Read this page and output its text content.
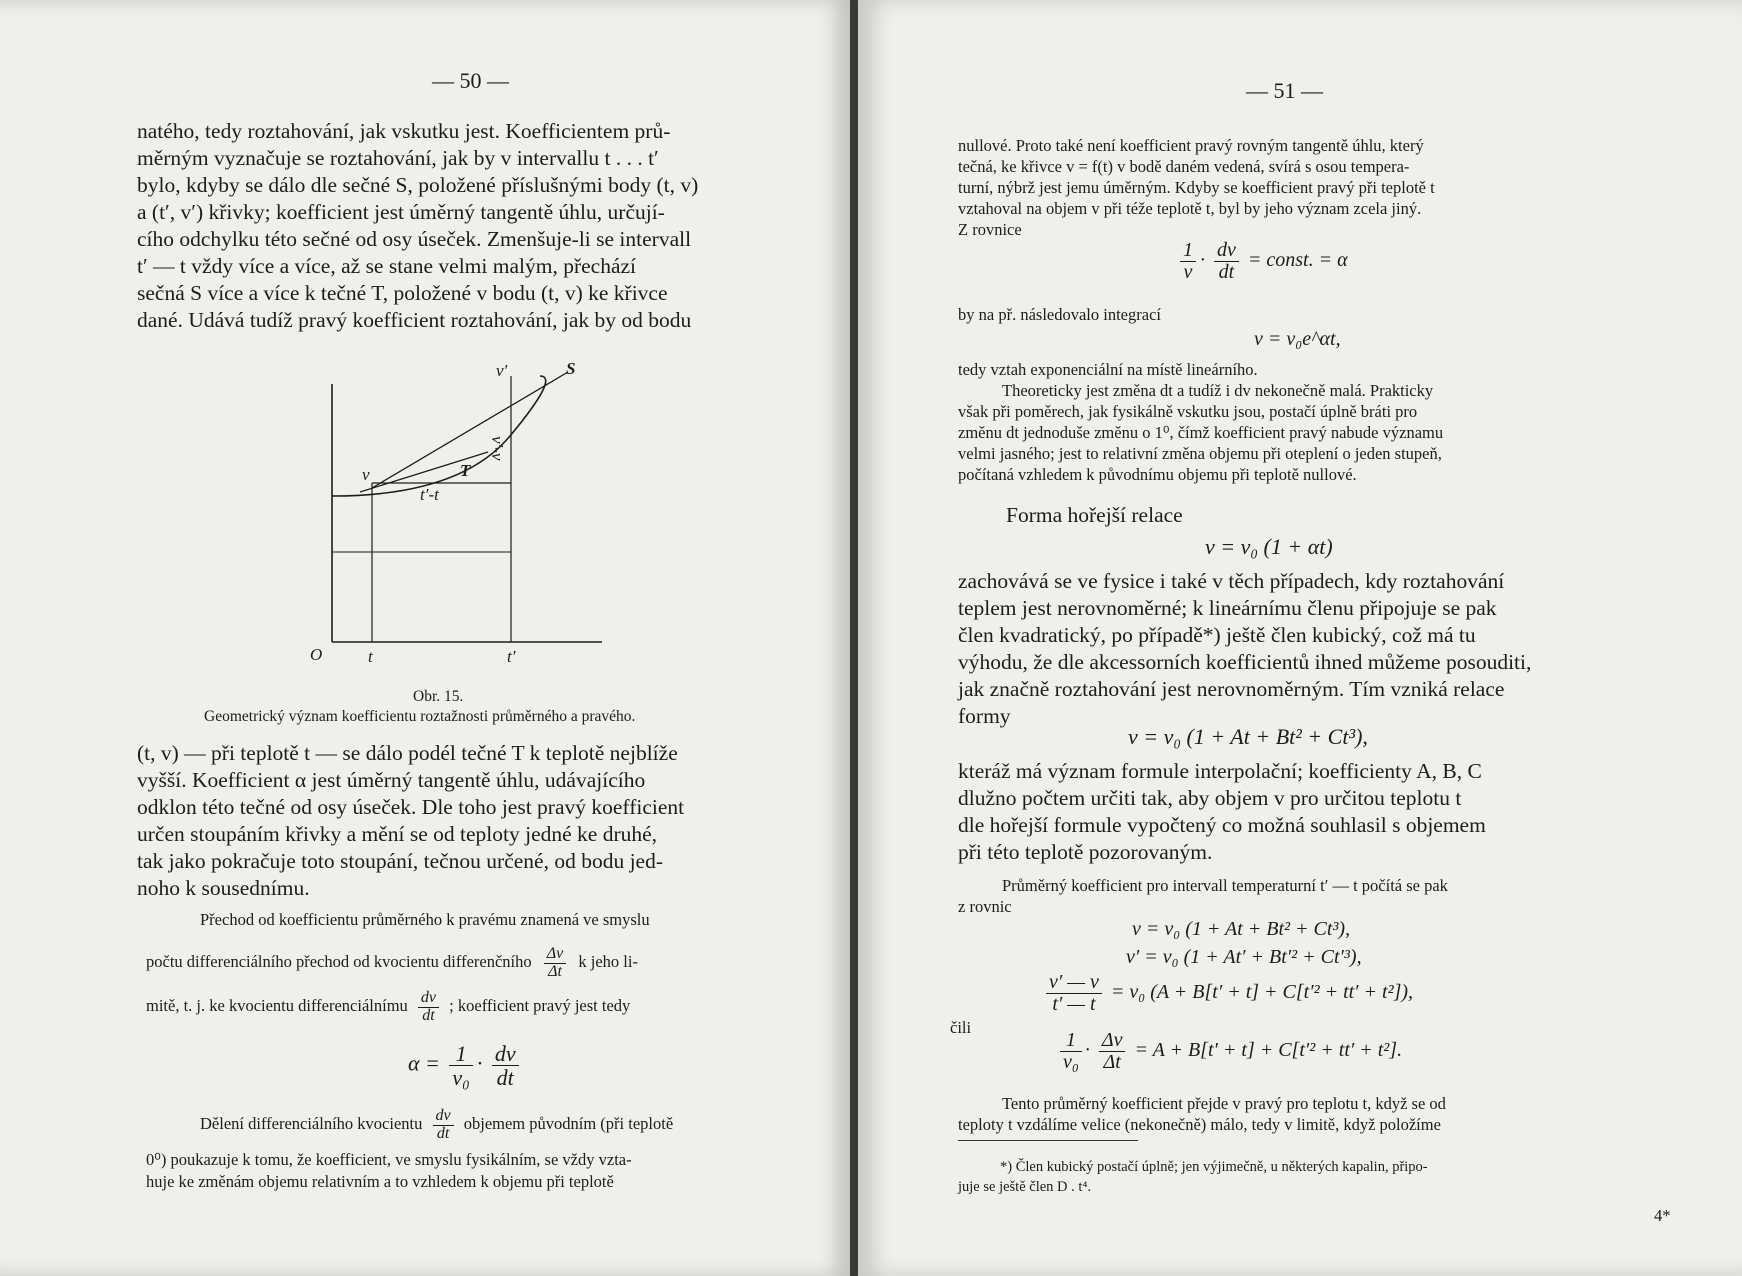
— 50 —
natého, tedy roztahování, jak vskutku jest. Koefficientem prů-
měrným vyznačuje se roztahování, jak by v intervallu t . . . t′
bylo, kdyby se dálo dle sečné S, položené příslušnými body (t, v)
a (t′, v′) křivky; koefficient jest úměrný tangentě úhlu, určují-
cího odchylku této sečné od osy úseček. Zmenšuje-li se intervall
t′ — t vždy více a více, až se stane velmi malým, přechází
sečná S více a více k tečné T, položené v bodu (t, v) ke křivce
dané. Udává tudíž pravý koefficient roztahování, jak by od bodu
S
v′
T
v
t′-t
v′-v
O	t	t′
Obr. 15.
Geometrický význam koefficientu roztažnosti průměrného a pravého.
(t, v) — při teplotě t — se dálo podél tečné T k teplotě nejblíže
vyšší. Koefficient α jest úměrný tangentě úhlu, udávajícího
odklon této tečné od osy úseček. Dle toho jest pravý koefficient
určen stoupáním křivky a mění se od teploty jedné ke druhé,
tak jako pokračuje toto stoupání, tečnou určené, od bodu jed-
noho k sousednímu.
Přechod od koefficientu průměrného k pravému znamená ve smyslu
počtu differenciálního přechod od kvocientu differenčního $\frac{\Delta v}{\Delta t}$ k jeho li-
mitě, t. j. ke kvocientu differenciálnímu $\frac{dv}{dt}$ ; koefficient pravý jest tedy
$\alpha = \frac{1}{\text{v₀}} \cdot \frac{dv}{dt}$
Dělení differenciálního kvocientu $\frac{dv}{dt}$ objemem původním (při teplotě
0⁰) poukazuje k tomu, že koefficient, ve smyslu fysikálním, se vždy vzta-
huje ke změnám objemu relativním a to vzhledem k objemu při teplotě
— 51 —
nullové. Proto také není koefficient pravý rovným tangentě úhlu, který
tečná, ke křivce v = f(t) v bodě daném vedená, svírá s osou tempera-
turní, nýbrž jest jemu úměrným. Kdyby se koefficient pravý při teplotě t
vztahoval na objem v při téže teplotě t, byl by jeho význam zcela jiný.
Z rovnice
$\frac{1}{v} \cdot \frac{dv}{dt}$ = const. = α
by na př. následovalo integrací
v = v₀e^αt,
tedy vztah exponenciální na místě lineárního.
Theoreticky jest změna dt a tudíž i dv nekonečně malá. Prakticky
však při poměrech, jak fysikálně vskutku jsou, postačí úplně bráti pro
změnu dt jednoduše změnu o 1⁰, čímž koefficient pravý nabude významu
velmi jasného; jest to relativní změna objemu při oteplení o jeden stupeň,
počítaná vzhledem k původnímu objemu při teplotě nullové.
Forma hořejší relace
v = v₀ (1 + αt)
zachovává se ve fysice i také v těch případech, kdy roztahování
teplem jest nerovnoměrné; k lineárnímu členu připojuje se pak
člen kvadratický, po případě*) ještě člen kubický, což má tu
výhodu, že dle akcessorních koefficientů ihned můžeme posouditi,
jak značně roztahování jest nerovnoměrným. Tím vzniká relace
formy
v = v₀ (1 + At + Bt² + Ct³),
kteráž má význam formule interpolační; koefficienty A, B, C
dlužno počtem určiti tak, aby objem v pro určitou teplotu t
dle hořejší formule vypočtený co možná souhlasil s objemem
při této teplotě pozorovaným.
Průměrný koefficient pro intervall temperaturní t′ — t počítá se pak
z rovnic
v = v₀ (1 + At + Bt² + Ct³),
v′ = v₀ (1 + At′ + Bt′² + Ct′³),
$\frac{v' — v}{t' — t} = v_0$ (A + B[t′ + t] + C[t′² + tt′ + t²]),
čili
$\frac{1}{\text{v₀}} \cdot \frac{\Delta v}{\Delta t} = A + B[t' + t] + C[t'^2 + tt' + t^2]$.
Tento průměrný koefficient přejde v pravý pro teplotu t, když se od
teploty t vzdálíme velice (nekonečně) málo, tedy v limitě, když položíme
*) Člen kubický postačí úplně; jen výjimečně, u některých kapalin, připo-
juje se ještě člen D . t⁴.
4*
